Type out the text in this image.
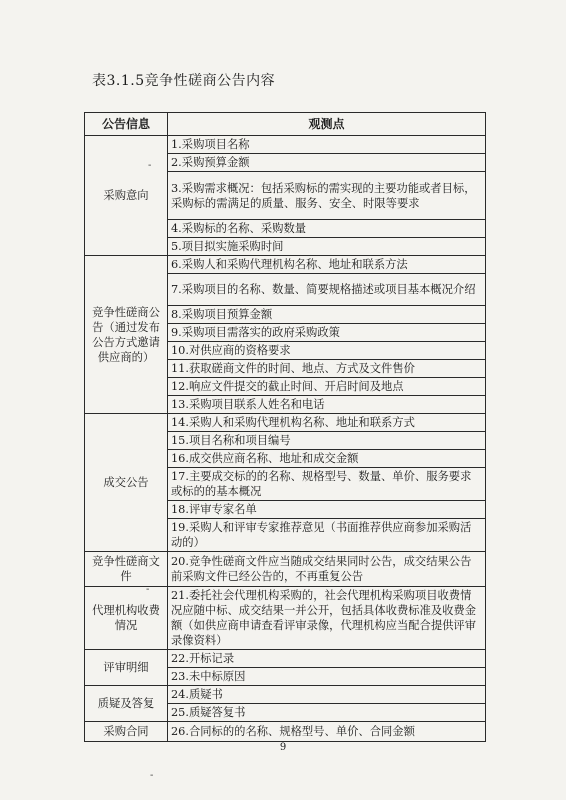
表3.1.5竞争性磋商公告内容
公告信息	观测点
采购意向	1.采购项目名称
	2.采购预算金额
	3.采购需求概况：包括采购标的需实现的主要功能或者目标，采购标的需满足的质量、服务、安全、时限等要求
	4.采购标的名称、采购数量
	5.项目拟实施采购时间
竞争性磋商公告（通过发布公告方式邀请供应商的）	6.采购人和采购代理机构名称、地址和联系方法
	7.采购项目的名称、数量、简要规格描述或项目基本概况介绍
	8.采购项目预算金额
	9.采购项目需落实的政府采购政策
	10.对供应商的资格要求
	11.获取磋商文件的时间、地点、方式及文件售价
	12.响应文件提交的截止时间、开启时间及地点
	13.采购项目联系人姓名和电话
成交公告	14.采购人和采购代理机构名称、地址和联系方式
	15.项目名称和项目编号
	16.成交供应商名称、地址和成交金额
	17.主要成交标的的名称、规格型号、数量、单价、服务要求或标的的基本概况
	18.评审专家名单
	19.采购人和评审专家推荐意见（书面推荐供应商参加采购活动的）
竞争性磋商文件	20.竞争性磋商文件应当随成交结果同时公告，成交结果公告前采购文件已经公告的，不再重复公告
代理机构收费情况	21.委托社会代理机构采购的，社会代理机构采购项目收费情况应随中标、成交结果一并公开，包括具体收费标准及收费金额（如供应商申请查看评审录像，代理机构应当配合提供评审录像资料）
评审明细	22.开标记录
	23.未中标原因
质疑及答复	24.质疑书
	25.质疑答复书
采购合同	26.合同标的的名称、规格型号、单价、合同金额
-
-
-
9
